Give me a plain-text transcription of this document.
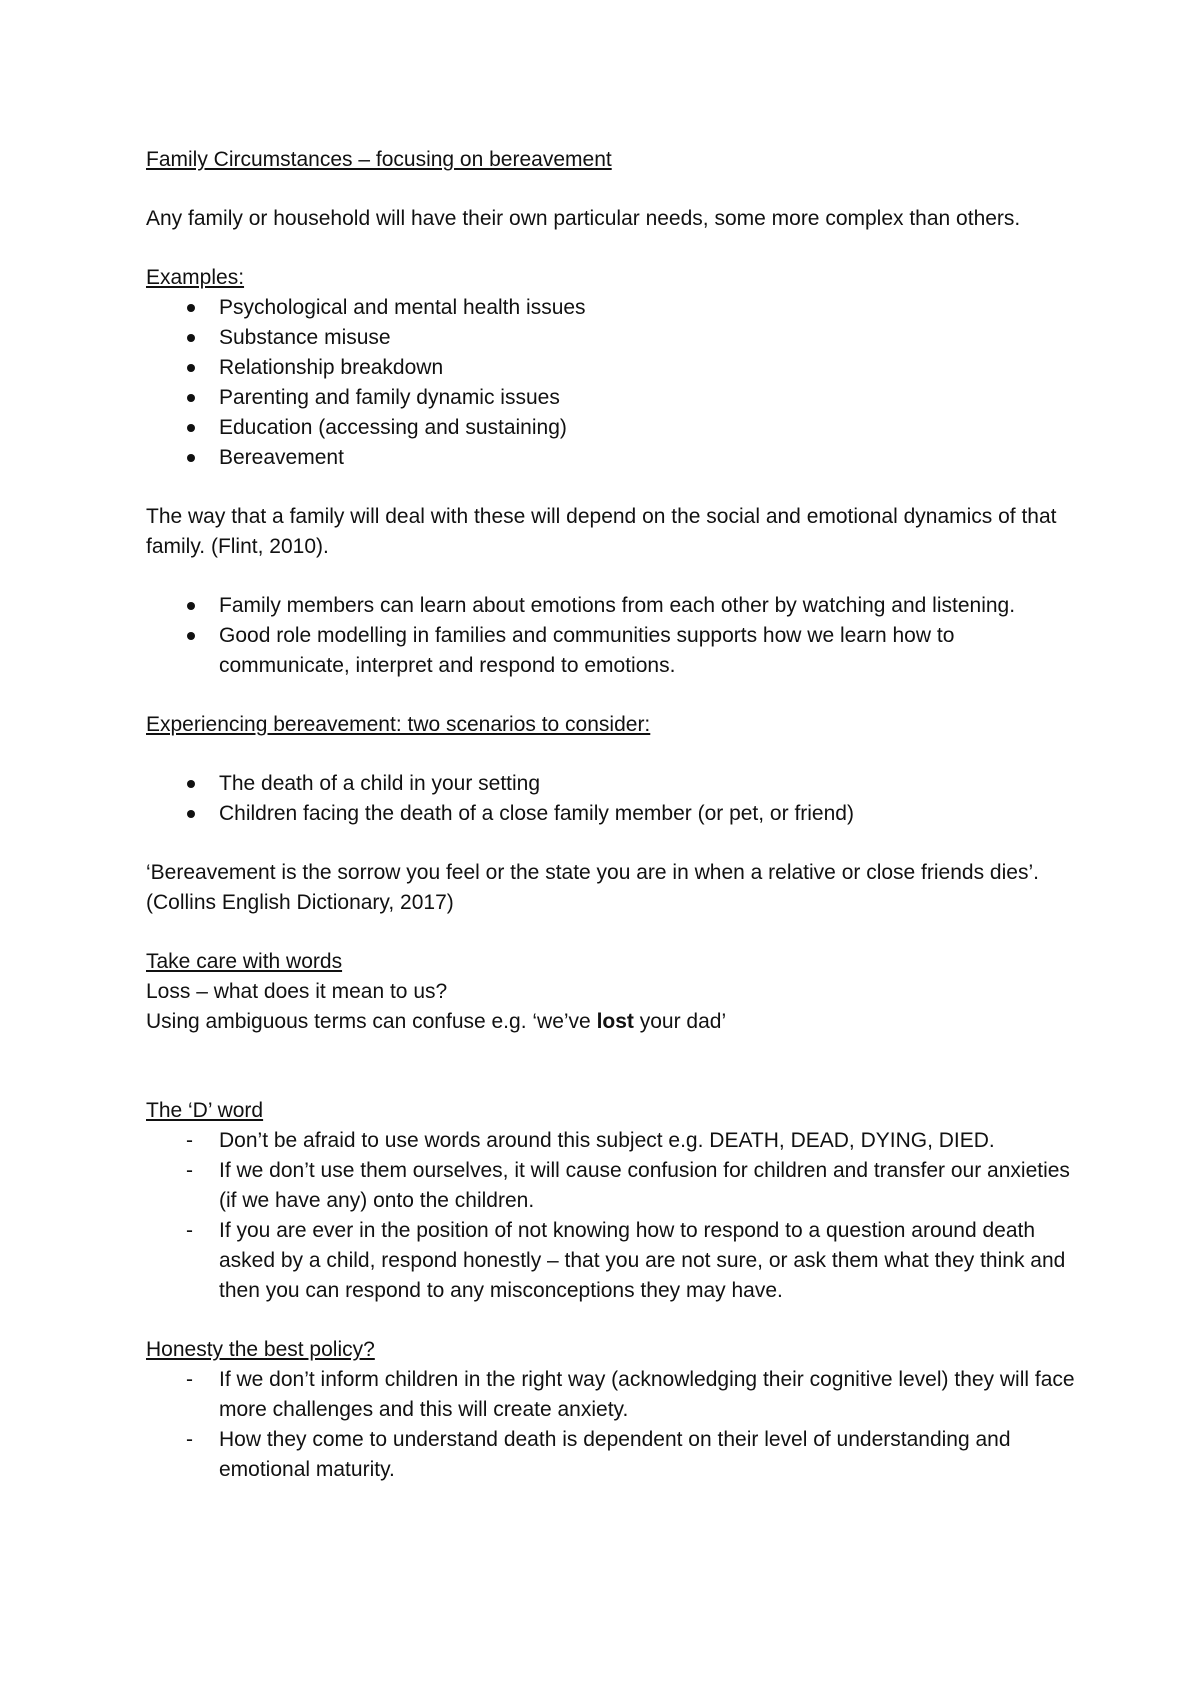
Family Circumstances – focusing on bereavement

Any family or household will have their own particular needs, some more complex than others.

Examples:

Psychological and mental health issues
Substance misuse
Relationship breakdown
Parenting and family dynamic issues
Education (accessing and sustaining)
Bereavement

The way that a family will deal with these will depend on the social and emotional dynamics of that family. (Flint, 2010).

Family members can learn about emotions from each other by watching and listening.
Good role modelling in families and communities supports how we learn how to communicate, interpret and respond to emotions.

Experiencing bereavement: two scenarios to consider:

The death of a child in your setting
Children facing the death of a close family member (or pet, or friend)

‘Bereavement is the sorrow you feel or the state you are in when a relative or close friends dies’. (Collins English Dictionary, 2017)

Take care with words

Loss – what does it mean to us?

Using ambiguous terms can confuse e.g. ‘we’ve lost your dad’

The ‘D’ word

- Don’t be afraid to use words around this subject e.g. DEATH, DEAD, DYING, DIED.
- If we don’t use them ourselves, it will cause confusion for children and transfer our anxieties (if we have any) onto the children.
- If you are ever in the position of not knowing how to respond to a question around death asked by a child, respond honestly – that you are not sure, or ask them what they think and then you can respond to any misconceptions they may have.

Honesty the best policy?

- If we don’t inform children in the right way (acknowledging their cognitive level) they will face more challenges and this will create anxiety.
- How they come to understand death is dependent on their level of understanding and emotional maturity.
